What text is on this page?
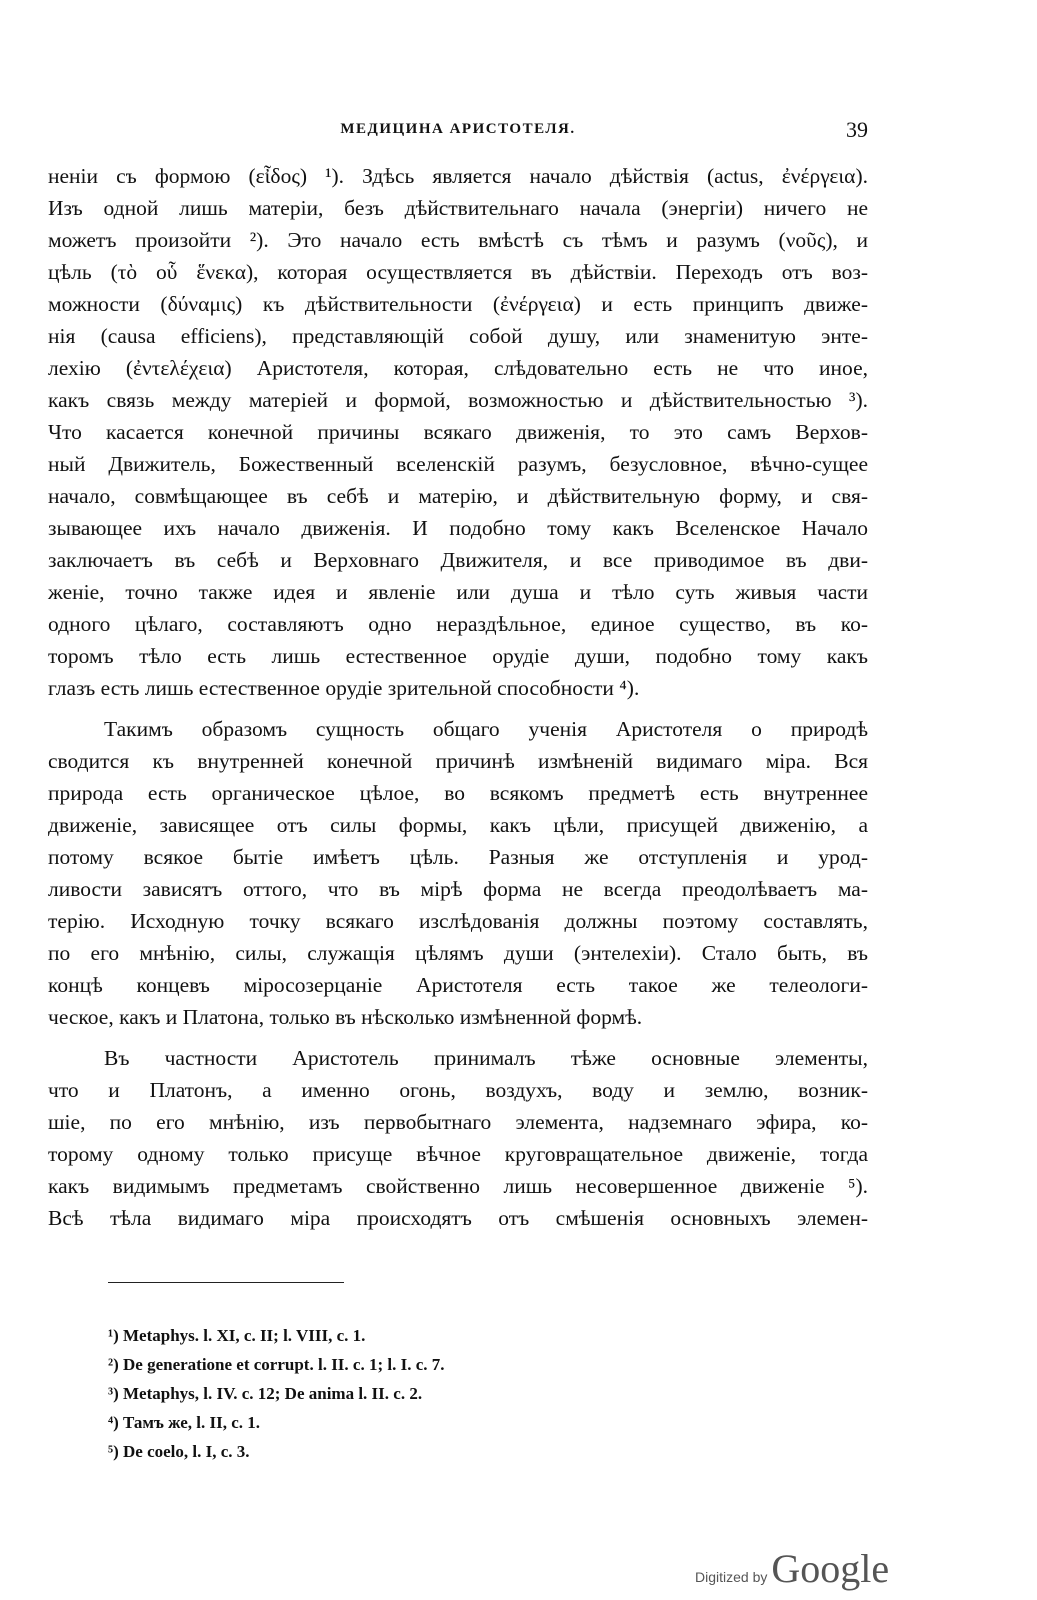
МЕДИЦИНА АРИСТОТЕЛЯ.	39

неніи съ формою (εἶδος) ¹). Здѣсь является начало дѣйствія (actus, ἐνέργεια).
Изъ одной лишь матеріи, безъ дѣйствительнаго начала (энергіи) ничего не
можетъ произойти ²). Это начало есть вмѣстѣ съ тѣмъ и разумъ (νοῦς), и
цѣль (τὸ οὗ ἕνεκα), которая осуществляется въ дѣйствіи. Переходъ отъ воз-
можности (δύναμις) къ дѣйствительности (ἐνέργεια) и есть принципъ движе-
нія (causa efficiens), представляющій собой душу, или знаменитую энте-
лехію (ἐντελέχεια) Аристотеля, которая, слѣдовательно есть не что иное,
какъ связь между матеріей и формой, возможностью и дѣйствительностью ³).
Что касается конечной причины всякаго движенія, то это самъ Верхов-
ный Движитель, Божественный вселенскій разумъ, безусловное, вѣчно-сущее
начало, совмѣщающее въ себѣ и матерію, и дѣйствительную форму, и свя-
зывающее ихъ начало движенія. И подобно тому какъ Вселенское Начало
заключаетъ въ себѣ и Верховнаго Движителя, и все приводимое въ дви-
женіе, точно также идея и явленіе или душа и тѣло суть живыя части
одного цѣлаго, составляютъ одно нераздѣльное, единое существо, въ ко-
торомъ тѣло есть лишь естественное орудіе души, подобно тому какъ
глазъ есть лишь естественное орудіе зрительной способности ⁴).

Такимъ образомъ сущность общаго ученія Аристотеля о природѣ
сводится къ внутренней конечной причинѣ измѣненій видимаго міра. Вся
природа есть органическое цѣлое, во всякомъ предметѣ есть внутреннее
движеніе, зависящее отъ силы формы, какъ цѣли, присущей движенію, а
потому всякое бытіе имѣетъ цѣль. Разныя же отступленія и урод-
ливости зависятъ оттого, что въ мірѣ форма не всегда преодолѣваетъ ма-
терію. Исходную точку всякаго изслѣдованія должны поэтому составлять,
по его мнѣнію, силы, служащія цѣлямъ души (энтелехіи). Стало быть, въ
концѣ концевъ міросозерцаніе Аристотеля есть такое же телеологи-
ческое, какъ и Платона, только въ нѣсколько измѣненной формѣ.

Въ частности Аристотель принималъ тѣже основные элементы,
что и Платонъ, а именно огонь, воздухъ, воду и землю, возник-
шіе, по его мнѣнію, изъ первобытнаго элемента, надземнаго эфира, ко-
торому одному только присуще вѣчное круговращательное движеніе, тогда
какъ видимымъ предметамъ свойственно лишь несовершенное движеніе ⁵).
Всѣ тѣла видимаго міра происходятъ отъ смѣшенія основныхъ элемен-

¹) Metaphys. l. XI, c. II; l. VIII, c. 1.
²) De generatione et corrupt. l. II. c. 1; l. I. c. 7.
³) Metaphys, l. IV. c. 12; De anima l. II. c. 2.
⁴) Тамъ же, l. II, c. 1.
⁵) De coelo, l. I, c. 3.
Digitized by Google
